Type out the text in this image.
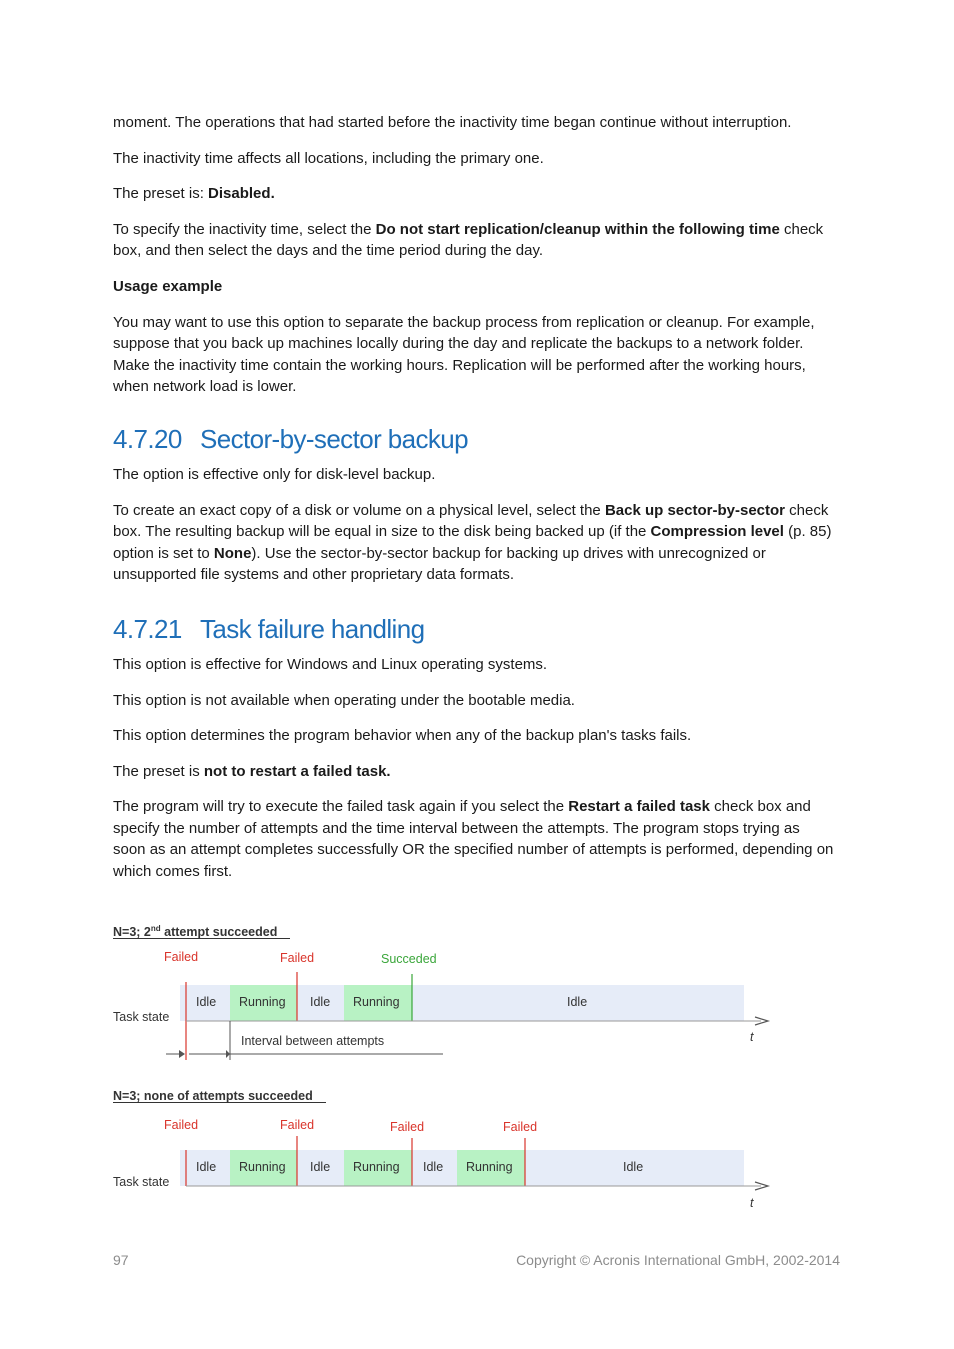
moment. The operations that had started before the inactivity time began continue without interruption.

The inactivity time affects all locations, including the primary one.

The preset is: Disabled.

To specify the inactivity time, select the Do not start replication/cleanup within the following time check box, and then select the days and the time period during the day.

Usage example

You may want to use this option to separate the backup process from replication or cleanup. For example, suppose that you back up machines locally during the day and replicate the backups to a network folder. Make the inactivity time contain the working hours. Replication will be performed after the working hours, when network load is lower.

4.7.20 Sector-by-sector backup

The option is effective only for disk-level backup.

To create an exact copy of a disk or volume on a physical level, select the Back up sector-by-sector check box. The resulting backup will be equal in size to the disk being backed up (if the Compression level (p. 85) option is set to None). Use the sector-by-sector backup for backing up drives with unrecognized or unsupported file systems and other proprietary data formats.

4.7.21 Task failure handling

This option is effective for Windows and Linux operating systems.

This option is not available when operating under the bootable media.

This option determines the program behavior when any of the backup plan's tasks fails.

The preset is not to restart a failed task.

The program will try to execute the failed task again if you select the Restart a failed task check box and specify the number of attempts and the time interval between the attempts. The program stops trying as soon as an attempt completes successfully OR the specified number of attempts is performed, depending on which comes first.

N=3; 2nd attempt succeeded
Failed	Failed	Succeded
Idle Running Idle Running	Idle
Task state
t
Interval between attempts
N=3; none of attempts succeeded
Failed	Failed	Failed	Failed
Idle Running Idle Running Idle Running	Idle
Task state
t
97	Copyright © Acronis International GmbH, 2002-2014
